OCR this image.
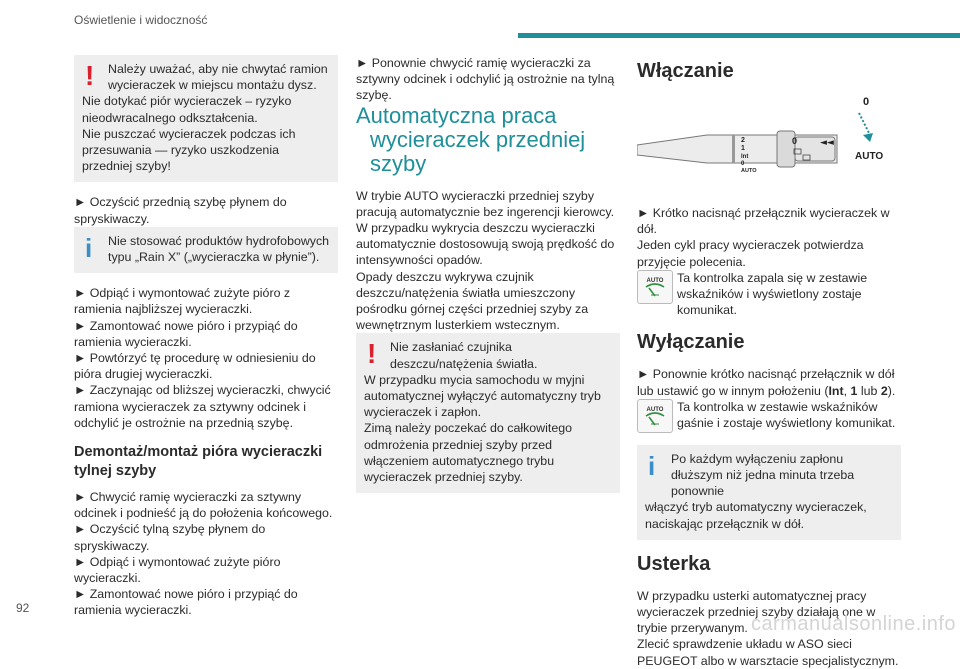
Oświetlenie i widoczność
!	Należy uważać, aby nie chwytać ramion wycieraczek w miejscu montażu dysz.

Nie dotykać piór wycieraczek – ryzyko nieodwracalnego odkształcenia.

Nie puszczać wycieraczek podczas ich przesuwania — ryzyko uszkodzenia przedniej szyby!

► Oczyścić przednią szybę płynem do spryskiwaczy.

i	Nie stosować produktów hydrofobowych typu „Rain X” („wycieraczka w płynie”).

► Odpiąć i wymontować zużyte pióro z ramienia najbliższej wycieraczki.

► Zamontować nowe pióro i przypiąć do ramienia wycieraczki.

► Powtórzyć tę procedurę w odniesieniu do pióra drugiej wycieraczki.

► Zaczynając od bliższej wycieraczki, chwycić ramiona wycieraczek za sztywny odcinek i odchylić je ostrożnie na przednią szybę.

Demontaż/montaż pióra wycieraczki tylnej szyby

► Chwycić ramię wycieraczki za sztywny odcinek i podnieść ją do położenia końcowego.

► Oczyścić tylną szybę płynem do spryskiwaczy.

► Odpiąć i wymontować zużyte pióro wycieraczki.

► Zamontować nowe pióro i przypiąć do ramienia wycieraczki.

► Ponownie chwycić ramię wycieraczki za sztywny odcinek i odchylić ją ostrożnie na tylną szybę.

Automatyczna praca
wycieraczek przedniej
szyby

W trybie AUTO wycieraczki przedniej szyby pracują automatycznie bez ingerencji kierowcy.

W przypadku wykrycia deszczu wycieraczki automatycznie dostosowują swoją prędkość do intensywności opadów.

Opady deszczu wykrywa czujnik deszczu/natężenia światła umieszczony pośrodku górnej części przedniej szyby za wewnętrznym lusterkiem wstecznym.

!	Nie zasłaniać czujnika deszczu/natężenia światła.

W przypadku mycia samochodu w myjni automatycznej wyłączyć automatyczny tryb wycieraczek i zapłon.

Zimą należy poczekać do całkowitego odmrożenia przedniej szyby przed włączeniem automatycznego trybu wycieraczek przedniej szyby.

Włączanie
0
2
1
Int
0
AUTO
0	◄◄
AUTO

► Krótko nacisnąć przełącznik wycieraczek w dół.

Jeden cykl pracy wycieraczek potwierdza przyjęcie polecenia.

AUTO	Ta kontrolka zapala się w zestawie wskaźników i wyświetlony zostaje komunikat.

Wyłączanie

► Ponownie krótko nacisnąć przełącznik w dół lub ustawić go w innym położeniu (Int, 1 lub 2).

AUTO	Ta kontrolka w zestawie wskaźników gaśnie i zostaje wyświetlony komunikat.

i	Po każdym wyłączeniu zapłonu dłuższym niż jedna minuta trzeba ponownie

włączyć tryb automatyczny wycieraczek, naciskając przełącznik w dół.

Usterka

W przypadku usterki automatycznej pracy wycieraczek przedniej szyby działają one w trybie przerywanym.

Zlecić sprawdzenie układu w ASO sieci PEUGEOT albo w warsztacie specjalistycznym.

92
carmanualsonline.info
